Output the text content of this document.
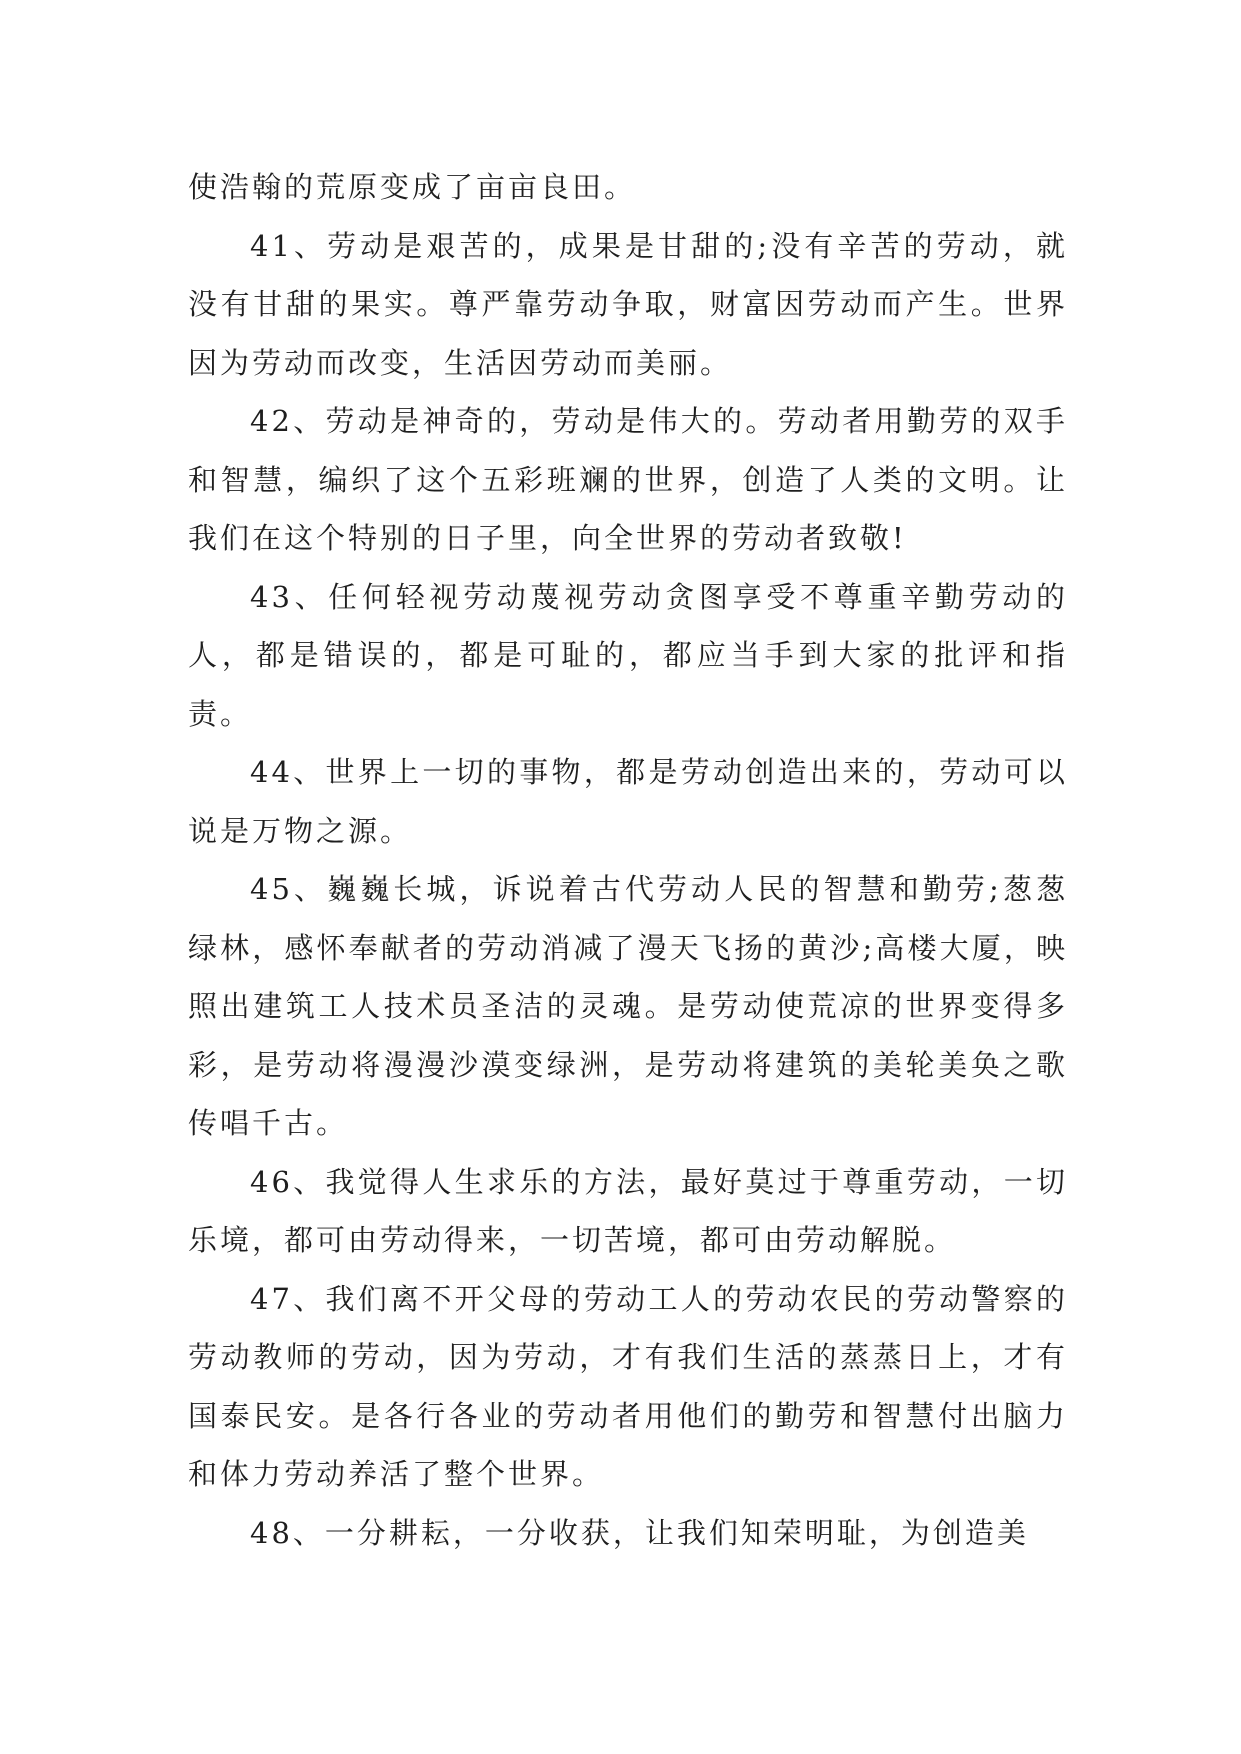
使浩翰的荒原变成了亩亩良田。

41、劳动是艰苦的，成果是甘甜的;没有辛苦的劳动，就没有甘甜的果实。尊严靠劳动争取，财富因劳动而产生。世界因为劳动而改变，生活因劳动而美丽。

42、劳动是神奇的，劳动是伟大的。劳动者用勤劳的双手和智慧，编织了这个五彩班斓的世界，创造了人类的文明。让我们在这个特别的日子里，向全世界的劳动者致敬!

43、任何轻视劳动蔑视劳动贪图享受不尊重辛勤劳动的人，都是错误的，都是可耻的，都应当手到大家的批评和指责。

44、世界上一切的事物，都是劳动创造出来的，劳动可以说是万物之源。

45、巍巍长城，诉说着古代劳动人民的智慧和勤劳;葱葱绿林，感怀奉献者的劳动消减了漫天飞扬的黄沙;高楼大厦，映照出建筑工人技术员圣洁的灵魂。是劳动使荒凉的世界变得多彩，是劳动将漫漫沙漠变绿洲，是劳动将建筑的美轮美奂之歌传唱千古。

46、我觉得人生求乐的方法，最好莫过于尊重劳动，一切乐境，都可由劳动得来，一切苦境，都可由劳动解脱。

47、我们离不开父母的劳动工人的劳动农民的劳动警察的劳动教师的劳动，因为劳动，才有我们生活的蒸蒸日上，才有国泰民安。是各行各业的劳动者用他们的勤劳和智慧付出脑力和体力劳动养活了整个世界。

48、一分耕耘，一分收获，让我们知荣明耻，为创造美
